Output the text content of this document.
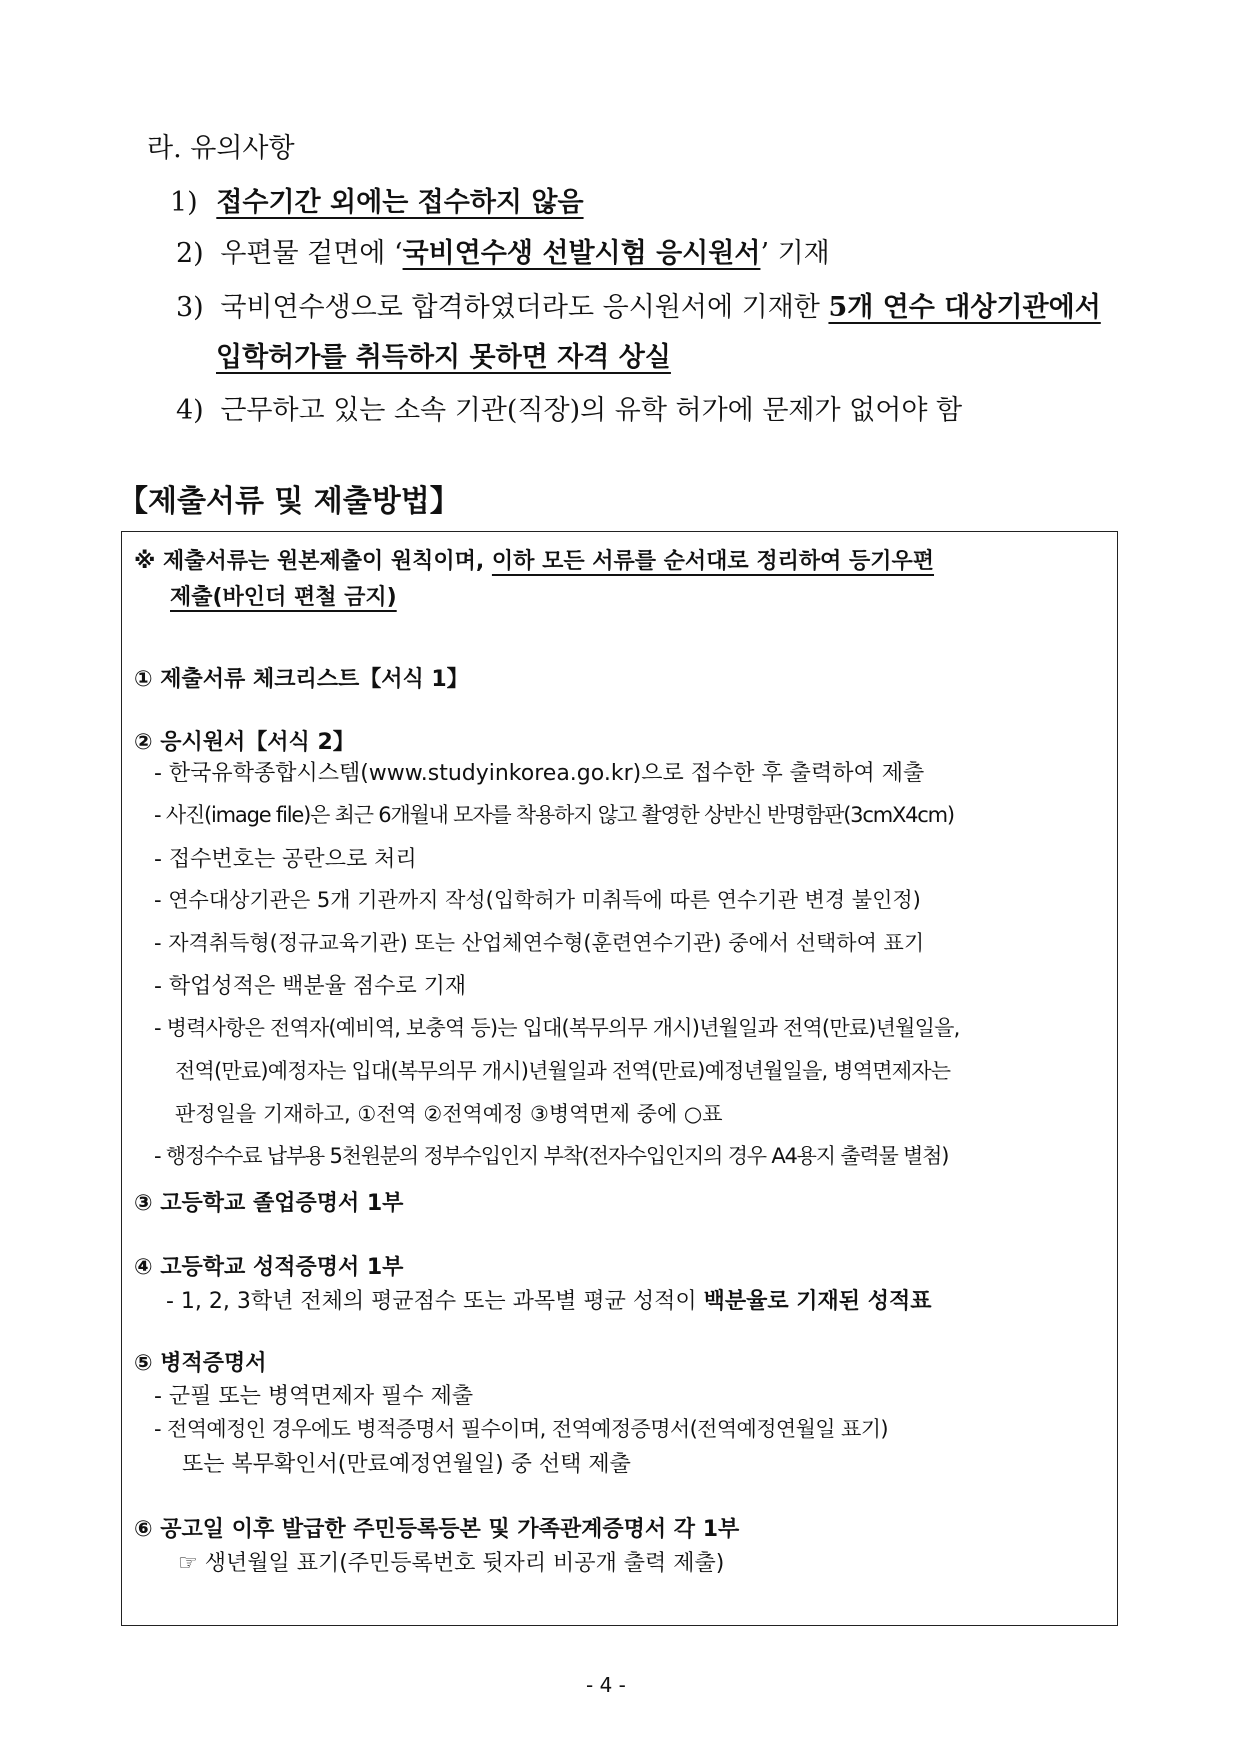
라. 유의사항
1) 접수기간 외에는 접수하지 않음
2) 우편물 겉면에 ‘국비연수생 선발시험 응시원서’ 기재
3) 국비연수생으로 합격하였더라도 응시원서에 기재한 5개 연수 대상기관에서
입학허가를 취득하지 못하면 자격 상실
4) 근무하고 있는 소속 기관(직장)의 유학 허가에 문제가 없어야 함
【제출서류 및 제출방법】
※ 제출서류는 원본제출이 원칙이며, 이하 모든 서류를 순서대로 정리하여 등기우편
제출(바인더 편철 금지)
① 제출서류 체크리스트【서식 1】
② 응시원서【서식 2】
- 한국유학종합시스템(www.studyinkorea.go.kr)으로 접수한 후 출력하여 제출
- 사진(image file)은 최근 6개월내 모자를 착용하지 않고 촬영한 상반신 반명함판(3cmX4cm)
- 접수번호는 공란으로 처리
- 연수대상기관은 5개 기관까지 작성(입학허가 미취득에 따른 연수기관 변경 불인정)
- 자격취득형(정규교육기관) 또는 산업체연수형(훈련연수기관) 중에서 선택하여 표기
- 학업성적은 백분율 점수로 기재
- 병력사항은 전역자(예비역, 보충역 등)는 입대(복무의무 개시)년월일과 전역(만료)년월일을,
전역(만료)예정자는 입대(복무의무 개시)년월일과 전역(만료)예정년월일을, 병역면제자는
판정일을 기재하고, ①전역 ②전역예정 ③병역면제 중에 ○표
- 행정수수료 납부용 5천원분의 정부수입인지 부착(전자수입인지의 경우 A4용지 출력물 별첨)
③ 고등학교 졸업증명서 1부
④ 고등학교 성적증명서 1부
- 1, 2, 3학년 전체의 평균점수 또는 과목별 평균 성적이 백분율로 기재된 성적표
⑤ 병적증명서
- 군필 또는 병역면제자 필수 제출
- 전역예정인 경우에도 병적증명서 필수이며, 전역예정증명서(전역예정연월일 표기)
또는 복무확인서(만료예정연월일) 중 선택 제출
⑥ 공고일 이후 발급한 주민등록등본 및 가족관계증명서 각 1부
☞ 생년월일 표기(주민등록번호 뒷자리 비공개 출력 제출)
- 4 -
